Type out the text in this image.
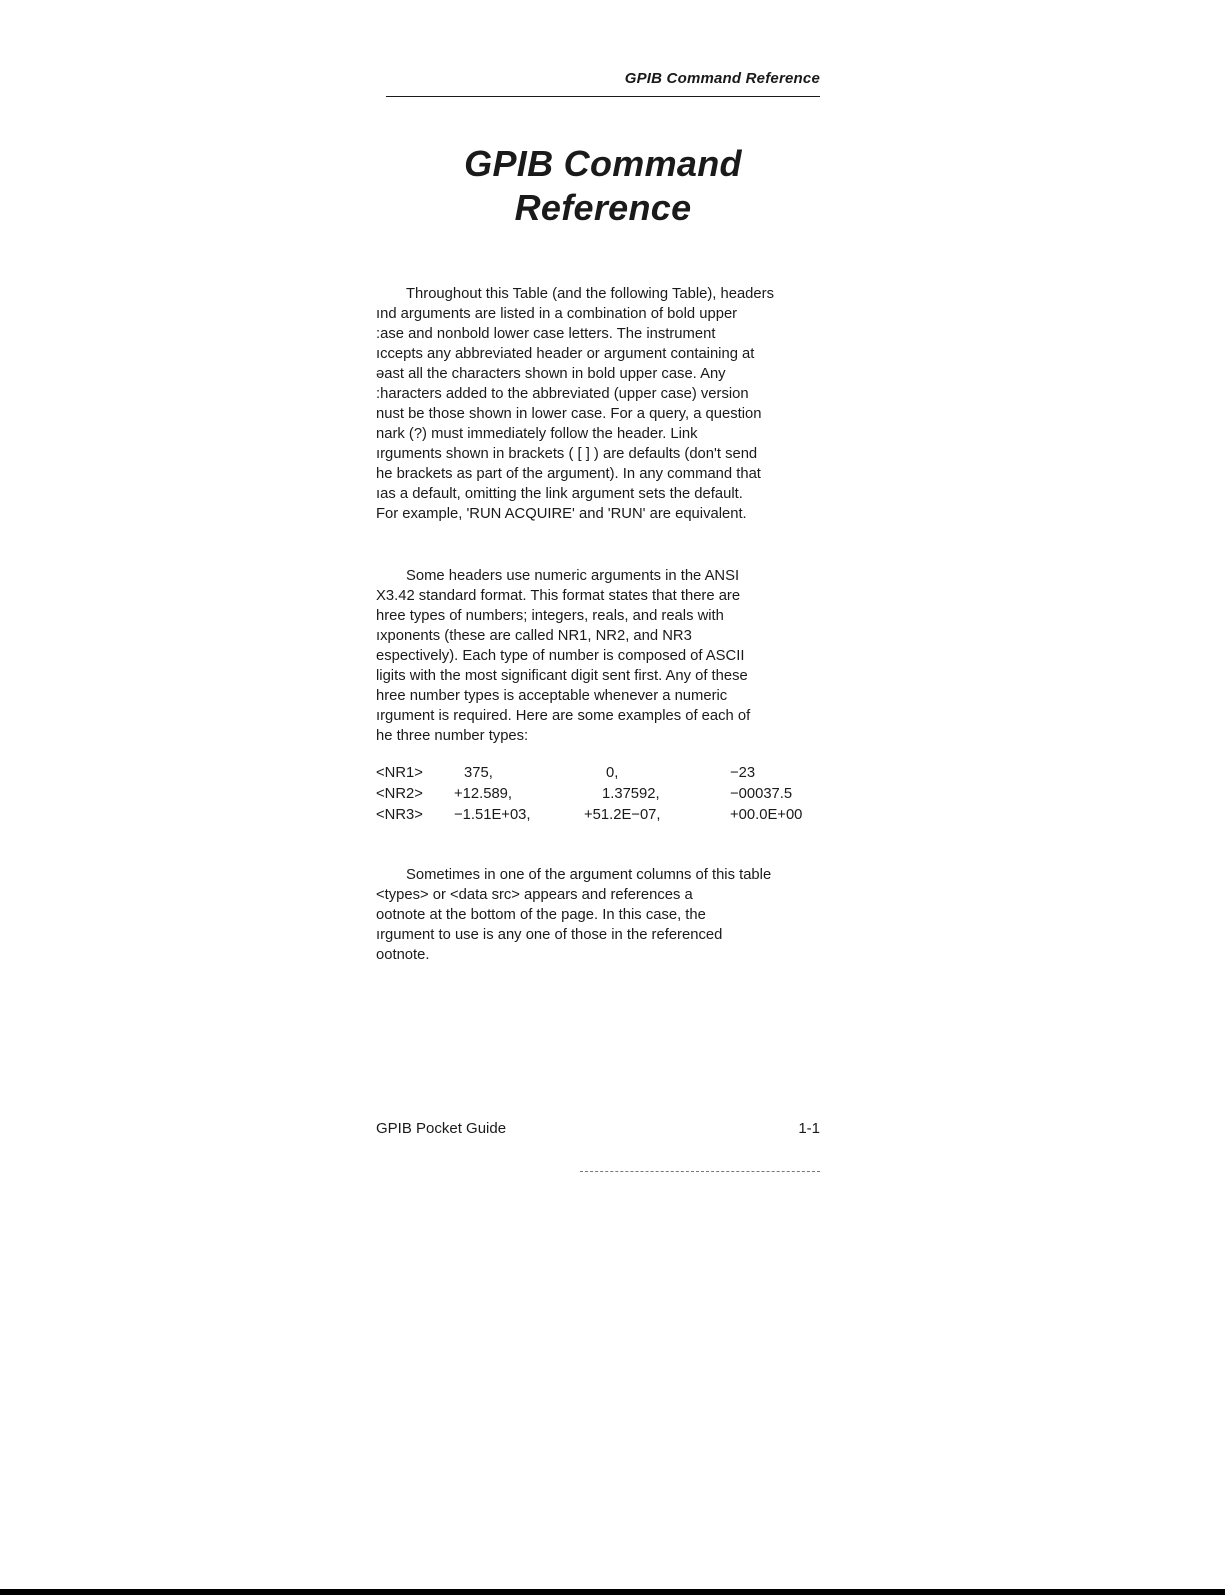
GPIB Command Reference
GPIB Command
Reference

Throughout this Table (and the following Table), headers
ınd arguments are listed in a combination of bold upper
:ase and nonbold lower case letters. The instrument
ıccepts any abbreviated header or argument containing at
əast all the characters shown in bold upper case. Any
:haracters added to the abbreviated (upper case) version
nust be those shown in lower case. For a query, a question
nark (?) must immediately follow the header. Link
ırguments shown in brackets ( [ ] ) are defaults (don't send
he brackets as part of the argument). In any command that
ıas a default, omitting the link argument sets the default.
For example, 'RUN ACQUIRE' and 'RUN' are equivalent.

Some headers use numeric arguments in the ANSI
X3.42 standard format. This format states that there are
hree types of numbers; integers, reals, and reals with
ıxponents (these are called NR1, NR2, and NR3
espectively). Each type of number is composed of ASCII
ligits with the most significant digit sent first. Any of these
hree number types is acceptable whenever a numeric
ırgument is required. Here are some examples of each of
he three number types:

<NR1>	375,	0,	−23
<NR2>	+12.589,	1.37592,	−00037.5
<NR3>	−1.51E+03,	+51.2E−07,	+00.0E+00

Sometimes in one of the argument columns of this table
<types> or <data src> appears and references a
ootnote at the bottom of the page. In this case, the
ırgument to use is any one of those in the referenced
ootnote.

GPIB Pocket Guide	1-1
